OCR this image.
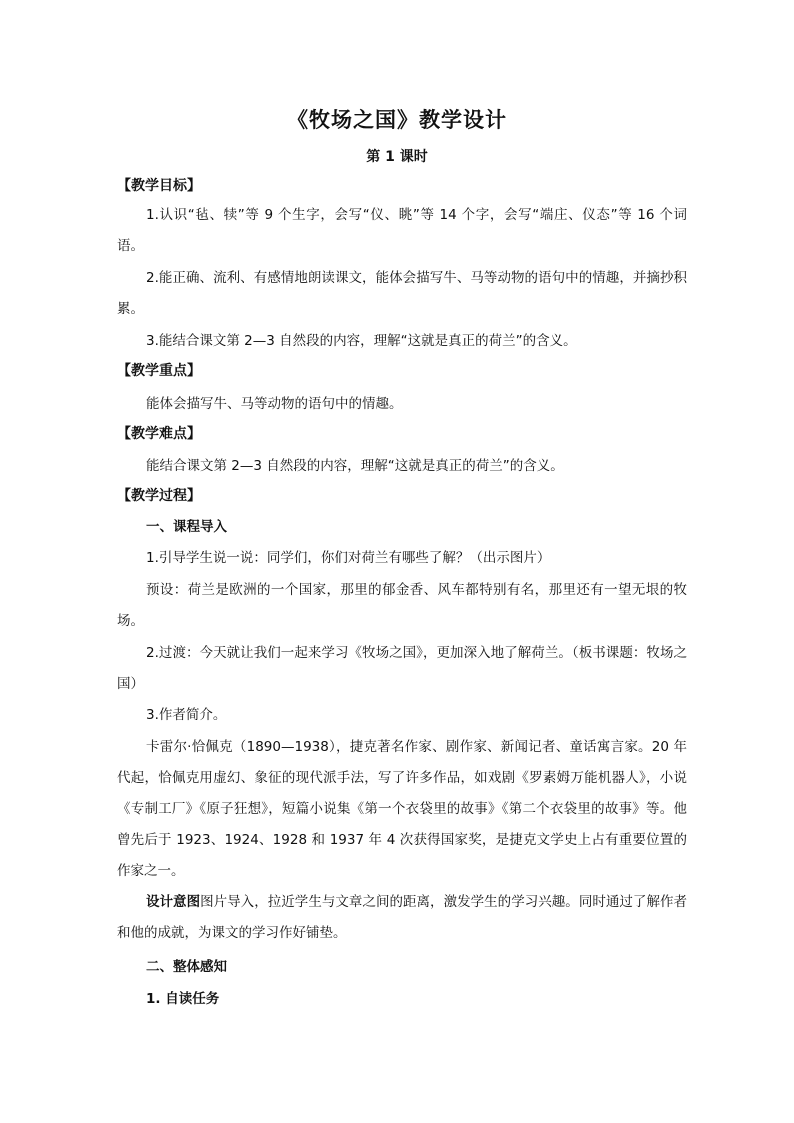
《牧场之国》教学设计
第 1 课时
【教学目标】
1.认识“毡、犊”等 9 个生字，会写“仪、眺”等 14 个字，会写“端庄、仪态”等 16 个词语。
2.能正确、流利、有感情地朗读课文，能体会描写牛、马等动物的语句中的情趣，并摘抄积累。
3.能结合课文第 2—3 自然段的内容，理解“这就是真正的荷兰”的含义。
【教学重点】
能体会描写牛、马等动物的语句中的情趣。
【教学难点】
能结合课文第 2—3 自然段的内容，理解“这就是真正的荷兰”的含义。
【教学过程】
一、课程导入
1.引导学生说一说：同学们，你们对荷兰有哪些了解？（出示图片）
预设：荷兰是欧洲的一个国家，那里的郁金香、风车都特别有名，那里还有一望无垠的牧场。
2.过渡：今天就让我们一起来学习《牧场之国》，更加深入地了解荷兰。（板书课题：牧场之国）
3.作者简介。
卡雷尔·恰佩克（1890—1938），捷克著名作家、剧作家、新闻记者、童话寓言家。20 年代起，恰佩克用虚幻、象征的现代派手法，写了许多作品，如戏剧《罗素姆万能机器人》，小说《专制工厂》《原子狂想》，短篇小说集《第一个衣袋里的故事》《第二个衣袋里的故事》等。他曾先后于 1923、1924、1928 和 1937 年 4 次获得国家奖，是捷克文学史上占有重要位置的作家之一。
设计意图图片导入，拉近学生与文章之间的距离，激发学生的学习兴趣。同时通过了解作者和他的成就，为课文的学习作好铺垫。
二、整体感知
1. 自读任务
